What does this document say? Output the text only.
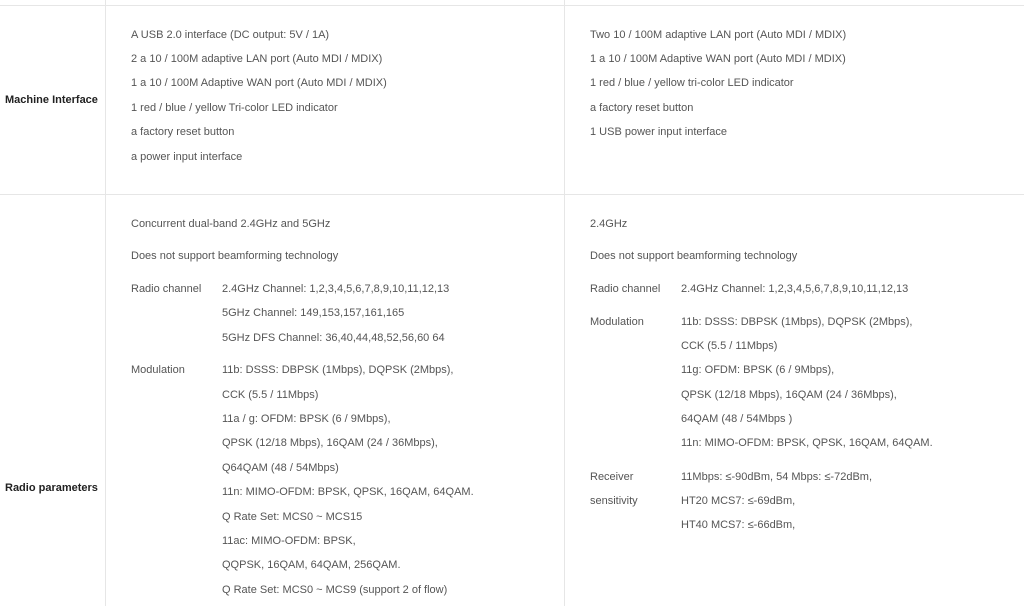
Machine Interface
A USB 2.0 interface (DC output: 5V / 1A)
2 a 10 / 100M adaptive LAN port (Auto MDI / MDIX)
1 a 10 / 100M Adaptive WAN port (Auto MDI / MDIX)
1 red / blue / yellow Tri-color LED indicator
a factory reset button
a power input interface
Two 10 / 100M adaptive LAN port (Auto MDI / MDIX)
1 a 10 / 100M Adaptive WAN port (Auto MDI / MDIX)
1 red / blue / yellow tri-color LED indicator
a factory reset button
1 USB power input interface
Radio parameters
Concurrent dual-band 2.4GHz and 5GHz
Does not support beamforming technology
Radio channel 2.4GHz Channel: 1,2,3,4,5,6,7,8,9,10,11,12,13
5GHz Channel: 149,153,157,161,165
5GHz DFS Channel: 36,40,44,48,52,56,60 64
Modulation	11b: DSSS: DBPSK (1Mbps), DQPSK (2Mbps),
CCK (5.5 / 11Mbps)
11a / g: OFDM: BPSK (6 / 9Mbps),
QPSK (12/18 Mbps), 16QAM (24 / 36Mbps),
Q64QAM (48 / 54Mbps)
11n: MIMO-OFDM: BPSK, QPSK, 16QAM, 64QAM.
Q Rate Set: MCS0 ~ MCS15
11ac: MIMO-OFDM: BPSK,
QQPSK, 16QAM, 64QAM, 256QAM.
Q Rate Set: MCS0 ~ MCS9 (support 2 of flow)
2.4GHz
Does not support beamforming technology
Radio channel 2.4GHz Channel: 1,2,3,4,5,6,7,8,9,10,11,12,13
Modulation	11b: DSSS: DBPSK (1Mbps), DQPSK (2Mbps),
CCK (5.5 / 11Mbps)
11g: OFDM: BPSK (6 / 9Mbps),
QPSK (12/18 Mbps), 16QAM (24 / 36Mbps),
64QAM (48 / 54Mbps )
11n: MIMO-OFDM: BPSK, QPSK, 16QAM, 64QAM.
Receiver
sensitivity
11Mbps: ≤-90dBm, 54 Mbps: ≤-72dBm,
HT20 MCS7: ≤-69dBm,
HT40 MCS7: ≤-66dBm,
